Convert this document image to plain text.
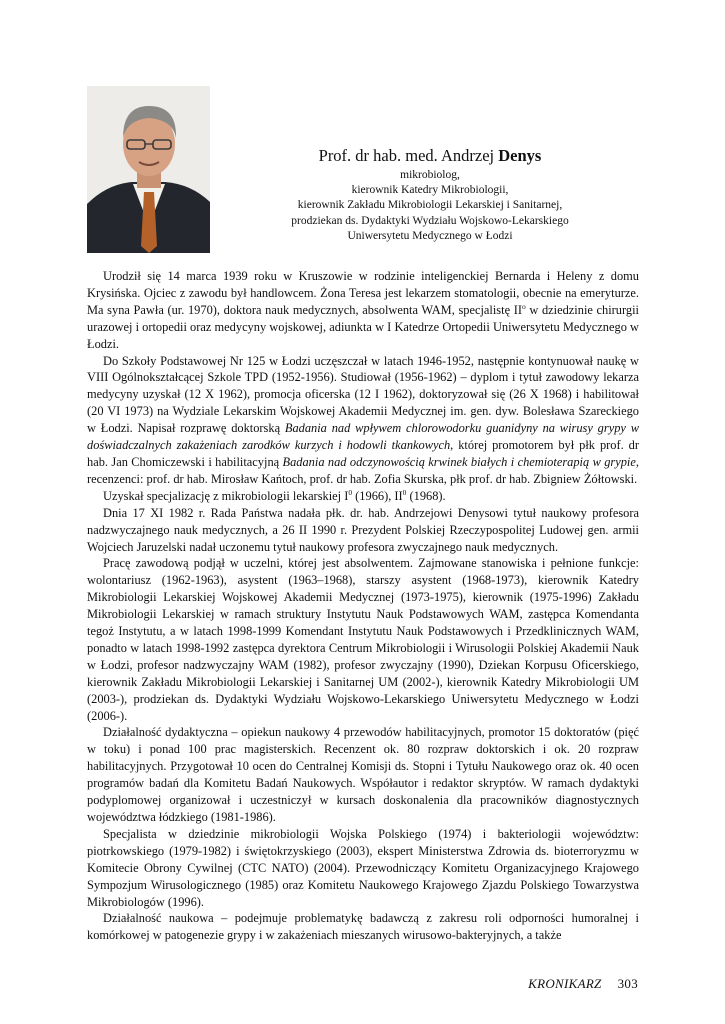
Prof. dr hab. med. Andrzej Denys
mikrobiolog,
kierownik Katedry Mikrobiologii,
kierownik Zakładu Mikrobiologii Lekarskiej i Sanitarnej,
prodziekan ds. Dydaktyki Wydziału Wojskowo-Lekarskiego
Uniwersytetu Medycznego w Łodzi

Urodził się 14 marca 1939 roku w Kruszowie w rodzinie inteligenckiej Bernarda i Heleny z domu Krysińska. Ojciec z zawodu był handlowcem. Żona Teresa jest lekarzem stomatologii, obecnie na emeryturze. Ma syna Pawła (ur. 1970), doktora nauk medycznych, absolwenta WAM, specjalistę $II^o$ w dziedzinie chirurgii urazowej i ortopedii oraz medycyny wojskowej, adiunkta w I Katedrze Ortopedii Uniwersytetu Medycznego w Łodzi.

Do Szkoły Podstawowej Nr 125 w Łodzi uczęszczał w latach 1946-1952, następnie kontynuował naukę w VIII Ogólnokształcącej Szkole TPD (1952-1956). Studiował (1956-1962) – dyplom i tytuł zawodowy lekarza medycyny uzyskał (12 X 1962), promocja oficerska (12 I 1962), doktoryzował się (26 X 1968) i habilitował (20 VI 1973) na Wydziale Lekarskim Wojskowej Akademii Medycznej im. gen. dyw. Bolesława Szareckiego w Łodzi. Napisał rozprawę doktorską Badania nad wpływem chlorowodorku guanidyny na wirusy grypy w doświadczalnych zakażeniach zarodków kurzych i hodowli tkankowych, której promotorem był płk prof. dr hab. Jan Chomiczewski i habilitacyjną Badania nad odczynowością krwinek białych i chemioterapią w grypie, recenzenci: prof. dr hab. Mirosław Kańtoch, prof. dr hab. Zofia Skurska, płk prof. dr hab. Zbigniew Żółtowski.

Uzyskał specjalizację z mikrobiologii lekarskiej $I^0$ (1966), $II^0$ (1968).

Dnia 17 XI 1982 r. Rada Państwa nadała płk. dr. hab. Andrzejowi Denysowi tytuł naukowy profesora nadzwyczajnego nauk medycznych, a 26 II 1990 r. Prezydent Polskiej Rzeczypospolitej Ludowej gen. armii Wojciech Jaruzelski nadał uczonemu tytuł naukowy profesora zwyczajnego nauk medycznych.

Pracę zawodową podjął w uczelni, której jest absolwentem. Zajmowane stanowiska i pełnione funkcje: wolontariusz (1962-1963), asystent (1963–1968), starszy asystent (1968-1973), kierownik Katedry Mikrobiologii Lekarskiej Wojskowej Akademii Medycznej (1973-1975), kierownik (1975-1996) Zakładu Mikrobiologii Lekarskiej w ramach struktury Instytutu Nauk Podstawowych WAM, zastępca Komendanta tegoż Instytutu, a w latach 1998-1999 Komendant Instytutu Nauk Podstawowych i Przedklinicznych WAM, ponadto w latach 1998-1992 zastępca dyrektora Centrum Mikrobiologii i Wirusologii Polskiej Akademii Nauk w Łodzi, profesor nadzwyczajny WAM (1982), profesor zwyczajny (1990), Dziekan Korpusu Oficerskiego, kierownik Zakładu Mikrobiologii Lekarskiej i Sanitarnej UM (2002-), kierownik Katedry Mikrobiologii UM (2003-), prodziekan ds. Dydaktyki Wydziału Wojskowo-Lekarskiego Uniwersytetu Medycznego w Łodzi (2006-).

Działalność dydaktyczna – opiekun naukowy 4 przewodów habilitacyjnych, promotor 15 doktoratów (pięć w toku) i ponad 100 prac magisterskich. Recenzent ok. 80 rozpraw doktorskich i ok. 20 rozpraw habilitacyjnych. Przygotował 10 ocen do Centralnej Komisji ds. Stopni i Tytułu Naukowego oraz ok. 40 ocen programów badań dla Komitetu Badań Naukowych. Współautor i redaktor skryptów. W ramach dydaktyki podyplomowej organizował i uczestniczył w kursach doskonalenia dla pracowników diagnostycznych województwa łódzkiego (1981-1986).

Specjalista w dziedzinie mikrobiologii Wojska Polskiego (1974) i bakteriologii województw: piotrkowskiego (1979-1982) i świętokrzyskiego (2003), ekspert Ministerstwa Zdrowia ds. bioterroryzmu w Komitecie Obrony Cywilnej (CTC NATO) (2004). Przewodniczący Komitetu Organizacyjnego Krajowego Sympozjum Wirusologicznego (1985) oraz Komitetu Naukowego Krajowego Zjazdu Polskiego Towarzystwa Mikrobiologów (1996).

Działalność naukowa – podejmuje problematykę badawczą z zakresu roli odporności humoralnej i komórkowej w patogenezie grypy i w zakażeniach mieszanych wirusowo-bakteryjnych, a także

KRONIKARZ 303
